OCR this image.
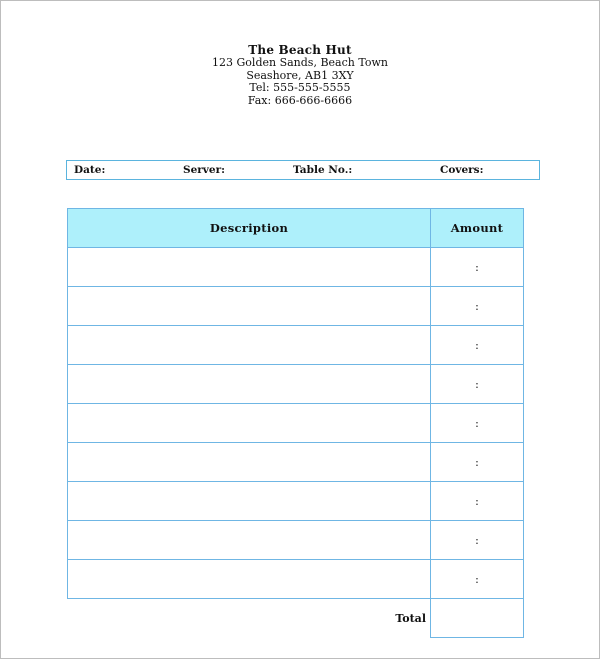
The Beach Hut
123 Golden Sands, Beach Town
Seashore, AB1 3XY
Tel: 555-555-5555
Fax: 666-666-6666
Date:	Server:	Table No.:	Covers:
Description	Amount
	:
	:
	:
	:
	:
	:
	:
	:
	:
Total	
